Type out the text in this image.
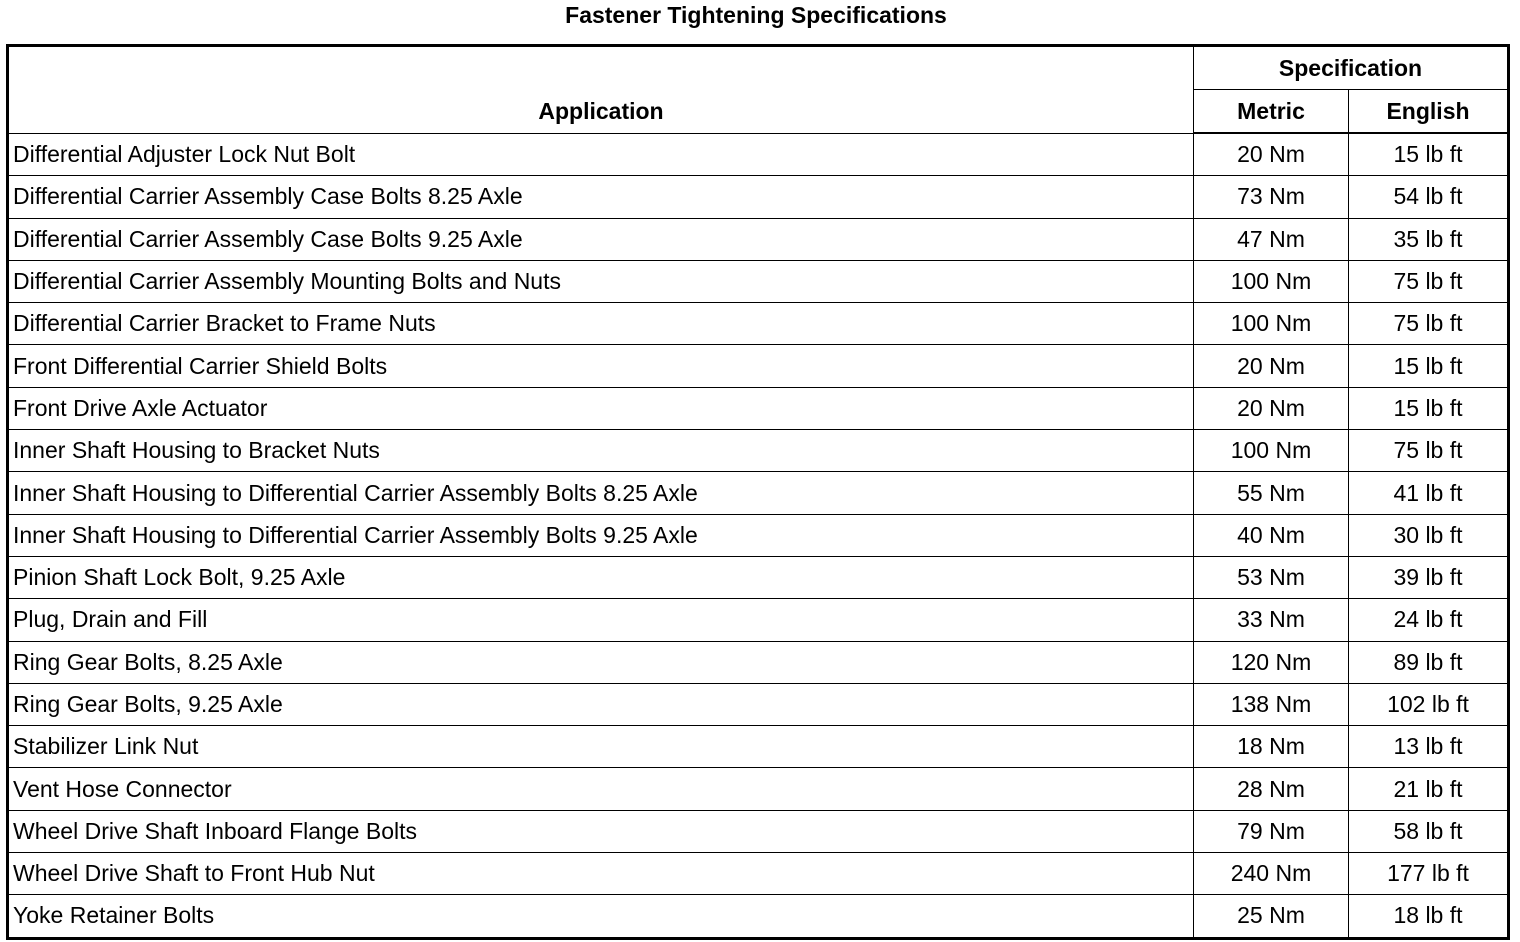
Fastener Tightening Specifications
Application	Specification	
	Metric	English
Differential Adjuster Lock Nut Bolt	20 Nm	15 lb ft
Differential Carrier Assembly Case Bolts 8.25 Axle	73 Nm	54 lb ft
Differential Carrier Assembly Case Bolts 9.25 Axle	47 Nm	35 lb ft
Differential Carrier Assembly Mounting Bolts and Nuts	100 Nm	75 lb ft
Differential Carrier Bracket to Frame Nuts	100 Nm	75 lb ft
Front Differential Carrier Shield Bolts	20 Nm	15 lb ft
Front Drive Axle Actuator	20 Nm	15 lb ft
Inner Shaft Housing to Bracket Nuts	100 Nm	75 lb ft
Inner Shaft Housing to Differential Carrier Assembly Bolts 8.25 Axle	55 Nm	41 lb ft
Inner Shaft Housing to Differential Carrier Assembly Bolts 9.25 Axle	40 Nm	30 lb ft
Pinion Shaft Lock Bolt, 9.25 Axle	53 Nm	39 lb ft
Plug, Drain and Fill	33 Nm	24 lb ft
Ring Gear Bolts, 8.25 Axle	120 Nm	89 lb ft
Ring Gear Bolts, 9.25 Axle	138 Nm	102 lb ft
Stabilizer Link Nut	18 Nm	13 lb ft
Vent Hose Connector	28 Nm	21 lb ft
Wheel Drive Shaft Inboard Flange Bolts	79 Nm	58 lb ft
Wheel Drive Shaft to Front Hub Nut	240 Nm	177 lb ft
Yoke Retainer Bolts	25 Nm	18 lb ft
